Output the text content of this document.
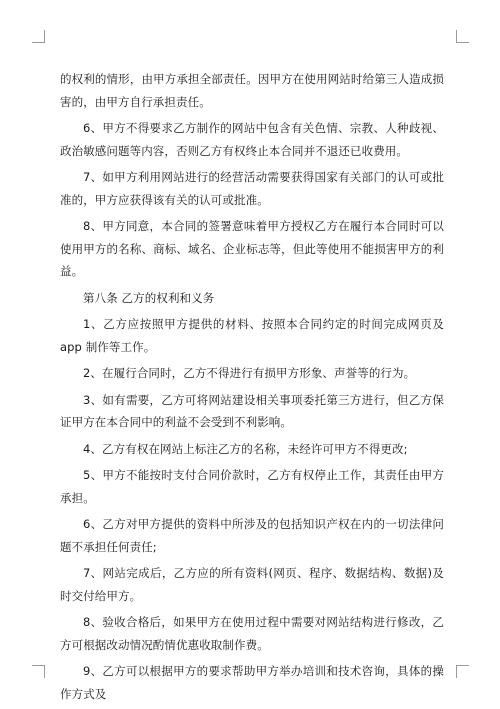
的权利的情形，由甲方承担全部责任。因甲方在使用网站时给第三人造成损害的，由甲方自行承担责任。

6、甲方不得要求乙方制作的网站中包含有关色情、宗教、人种歧视、政治敏感问题等内容，否则乙方有权终止本合同并不退还已收费用。

7、如甲方利用网站进行的经营活动需要获得国家有关部门的认可或批准的，甲方应获得该有关的认可或批准。

8、甲方同意，本合同的签署意味着甲方授权乙方在履行本合同时可以使用甲方的名称、商标、域名、企业标志等，但此等使用不能损害甲方的利益。

第八条 乙方的权利和义务

1、乙方应按照甲方提供的材料、按照本合同约定的时间完成网页及 app 制作等工作。

2、在履行合同时，乙方不得进行有损甲方形象、声誉等的行为。

3、如有需要，乙方可将网站建设相关事项委托第三方进行，但乙方保证甲方在本合同中的利益不会受到不利影响。

4、乙方有权在网站上标注乙方的名称，未经许可甲方不得更改;

5、甲方不能按时支付合同价款时，乙方有权停止工作，其责任由甲方承担。

6、乙方对甲方提供的资料中所涉及的包括知识产权在内的一切法律问题不承担任何责任;

7、网站完成后，乙方应的所有资料(网页、程序、数据结构、数据)及时交付给甲方。

8、验收合格后，如果甲方在使用过程中需要对网站结构进行修改，乙方可根据改动情况酌情优惠收取制作费。

9、乙方可以根据甲方的要求帮助甲方举办培训和技术咨询，具体的操作方式及
